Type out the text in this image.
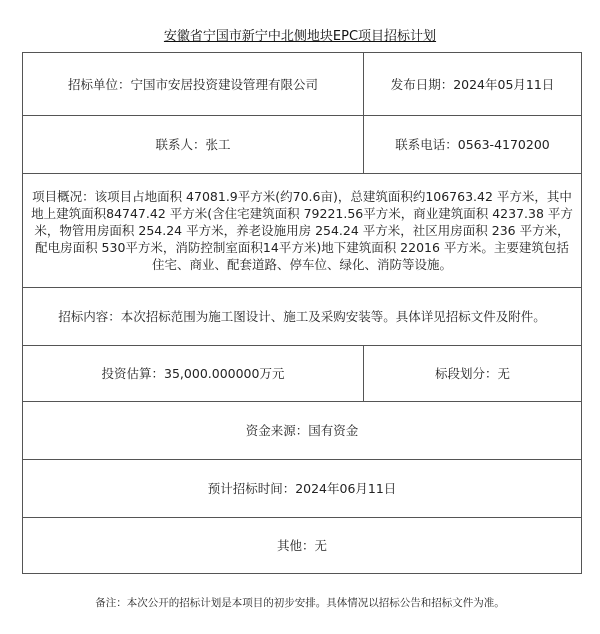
安徽省宁国市新宁中北侧地块EPC项目招标计划
招标单位：宁国市安居投资建设管理有限公司	发布日期：2024年05月11日
联系人：张工	联系电话：0563-4170200
项目概况：该项目占地面积 47081.9平方米(约70.6亩)，总建筑面积约106763.42 平方米，其中地上建筑面积84747.42 平方米(含住宅建筑面积 79221.56平方米，商业建筑面积 4237.38 平方米，物管用房面积 254.24 平方米，养老设施用房 254.24 平方米，社区用房面积 236 平方米，配电房面积 530平方米，消防控制室面积14平方米)地下建筑面积 22016 平方米。主要建筑包括住宅、商业、配套道路、停车位、绿化、消防等设施。	
招标内容：本次招标范围为施工图设计、施工及采购安装等。具体详见招标文件及附件。	
投资估算：35,000.000000万元	标段划分：无
资金来源：国有资金	
预计招标时间：2024年06月11日	
其他：无	
备注：本次公开的招标计划是本项目的初步安排。具体情况以招标公告和招标文件为准。
